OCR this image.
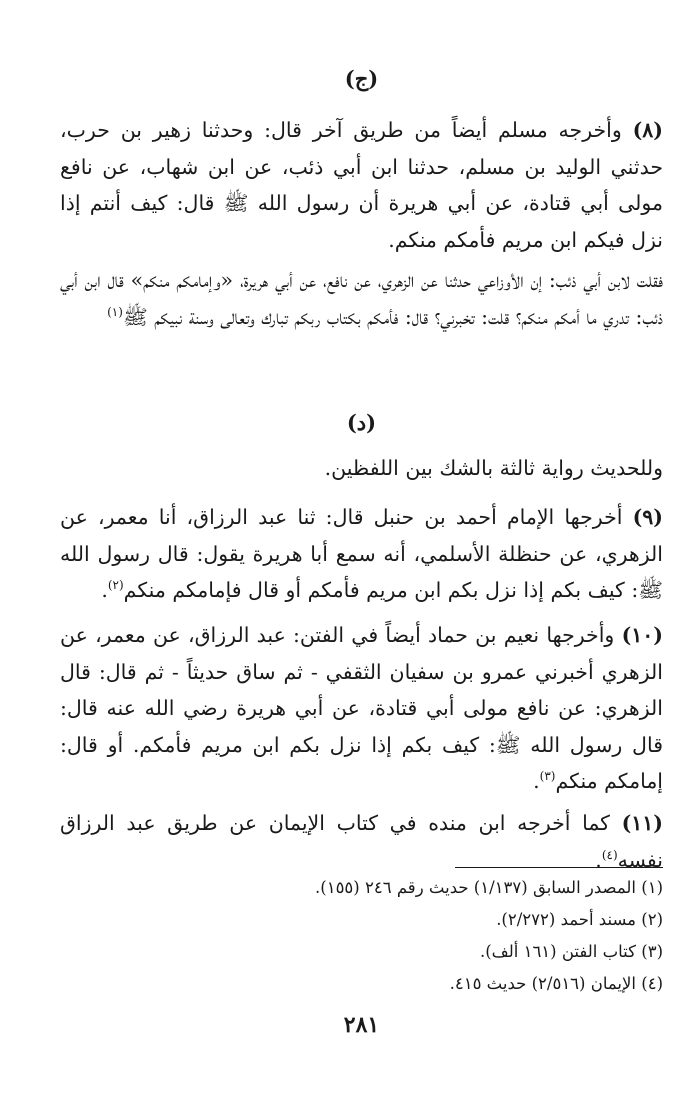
(ج)
(٨) وأخرجه مسلم أيضاً من طريق آخر قال: وحدثنا زهير بن حرب، حدثني الوليد بن مسلم، حدثنا ابن أبي ذئب، عن ابن شهاب، عن نافع مولى أبي قتادة، عن أبي هريرة أن رسول الله ﷺ قال: كيف أنتم إذا نزل فيكم ابن مريم فأمكم منكم.
فقلت لابن أبي ذئب: إن الأوزاعي حدثنا عن الزهري، عن نافع، عن أبي هريرة، «وإمامكم منكم» قال ابن أبي ذئب: تدري ما أمكم منكم؟ قلت: تخبرني؟ قال: فأمكم بكتاب ربكم تبارك وتعالى وسنة نبيكم ﷺ$^{(١)}$
(د)
وللحديث رواية ثالثة بالشك بين اللفظين.
(٩) أخرجها الإمام أحمد بن حنبل قال: ثنا عبد الرزاق، أنا معمر، عن الزهري، عن حنظلة الأسلمي، أنه سمع أبا هريرة يقول: قال رسول الله ﷺ: كيف بكم إذا نزل بكم ابن مريم فأمكم أو قال فإمامكم منكم$^{(٢)}$.
(١٠) وأخرجها نعيم بن حماد أيضاً في الفتن: عبد الرزاق، عن معمر، عن الزهري أخبرني عمرو بن سفيان الثقفي - ثم ساق حديثاً - ثم قال: قال الزهري: عن نافع مولى أبي قتادة، عن أبي هريرة رضي الله عنه قال: قال رسول الله ﷺ: كيف بكم إذا نزل بكم ابن مريم فأمكم. أو قال: إمامكم منكم$^{(٣)}$.
(١١) كما أخرجه ابن منده في كتاب الإيمان عن طريق عبد الرزاق نفسه$^{(٤)}$.
(١) المصدر السابق (١/١٣٧) حديث رقم ٢٤٦ (١٥٥).
(٢) مسند أحمد (٢/٢٧٢).
(٣) كتاب الفتن (١٦١ ألف).
(٤) الإيمان (٢/٥١٦) حديث ٤١٥.
٢٨١
